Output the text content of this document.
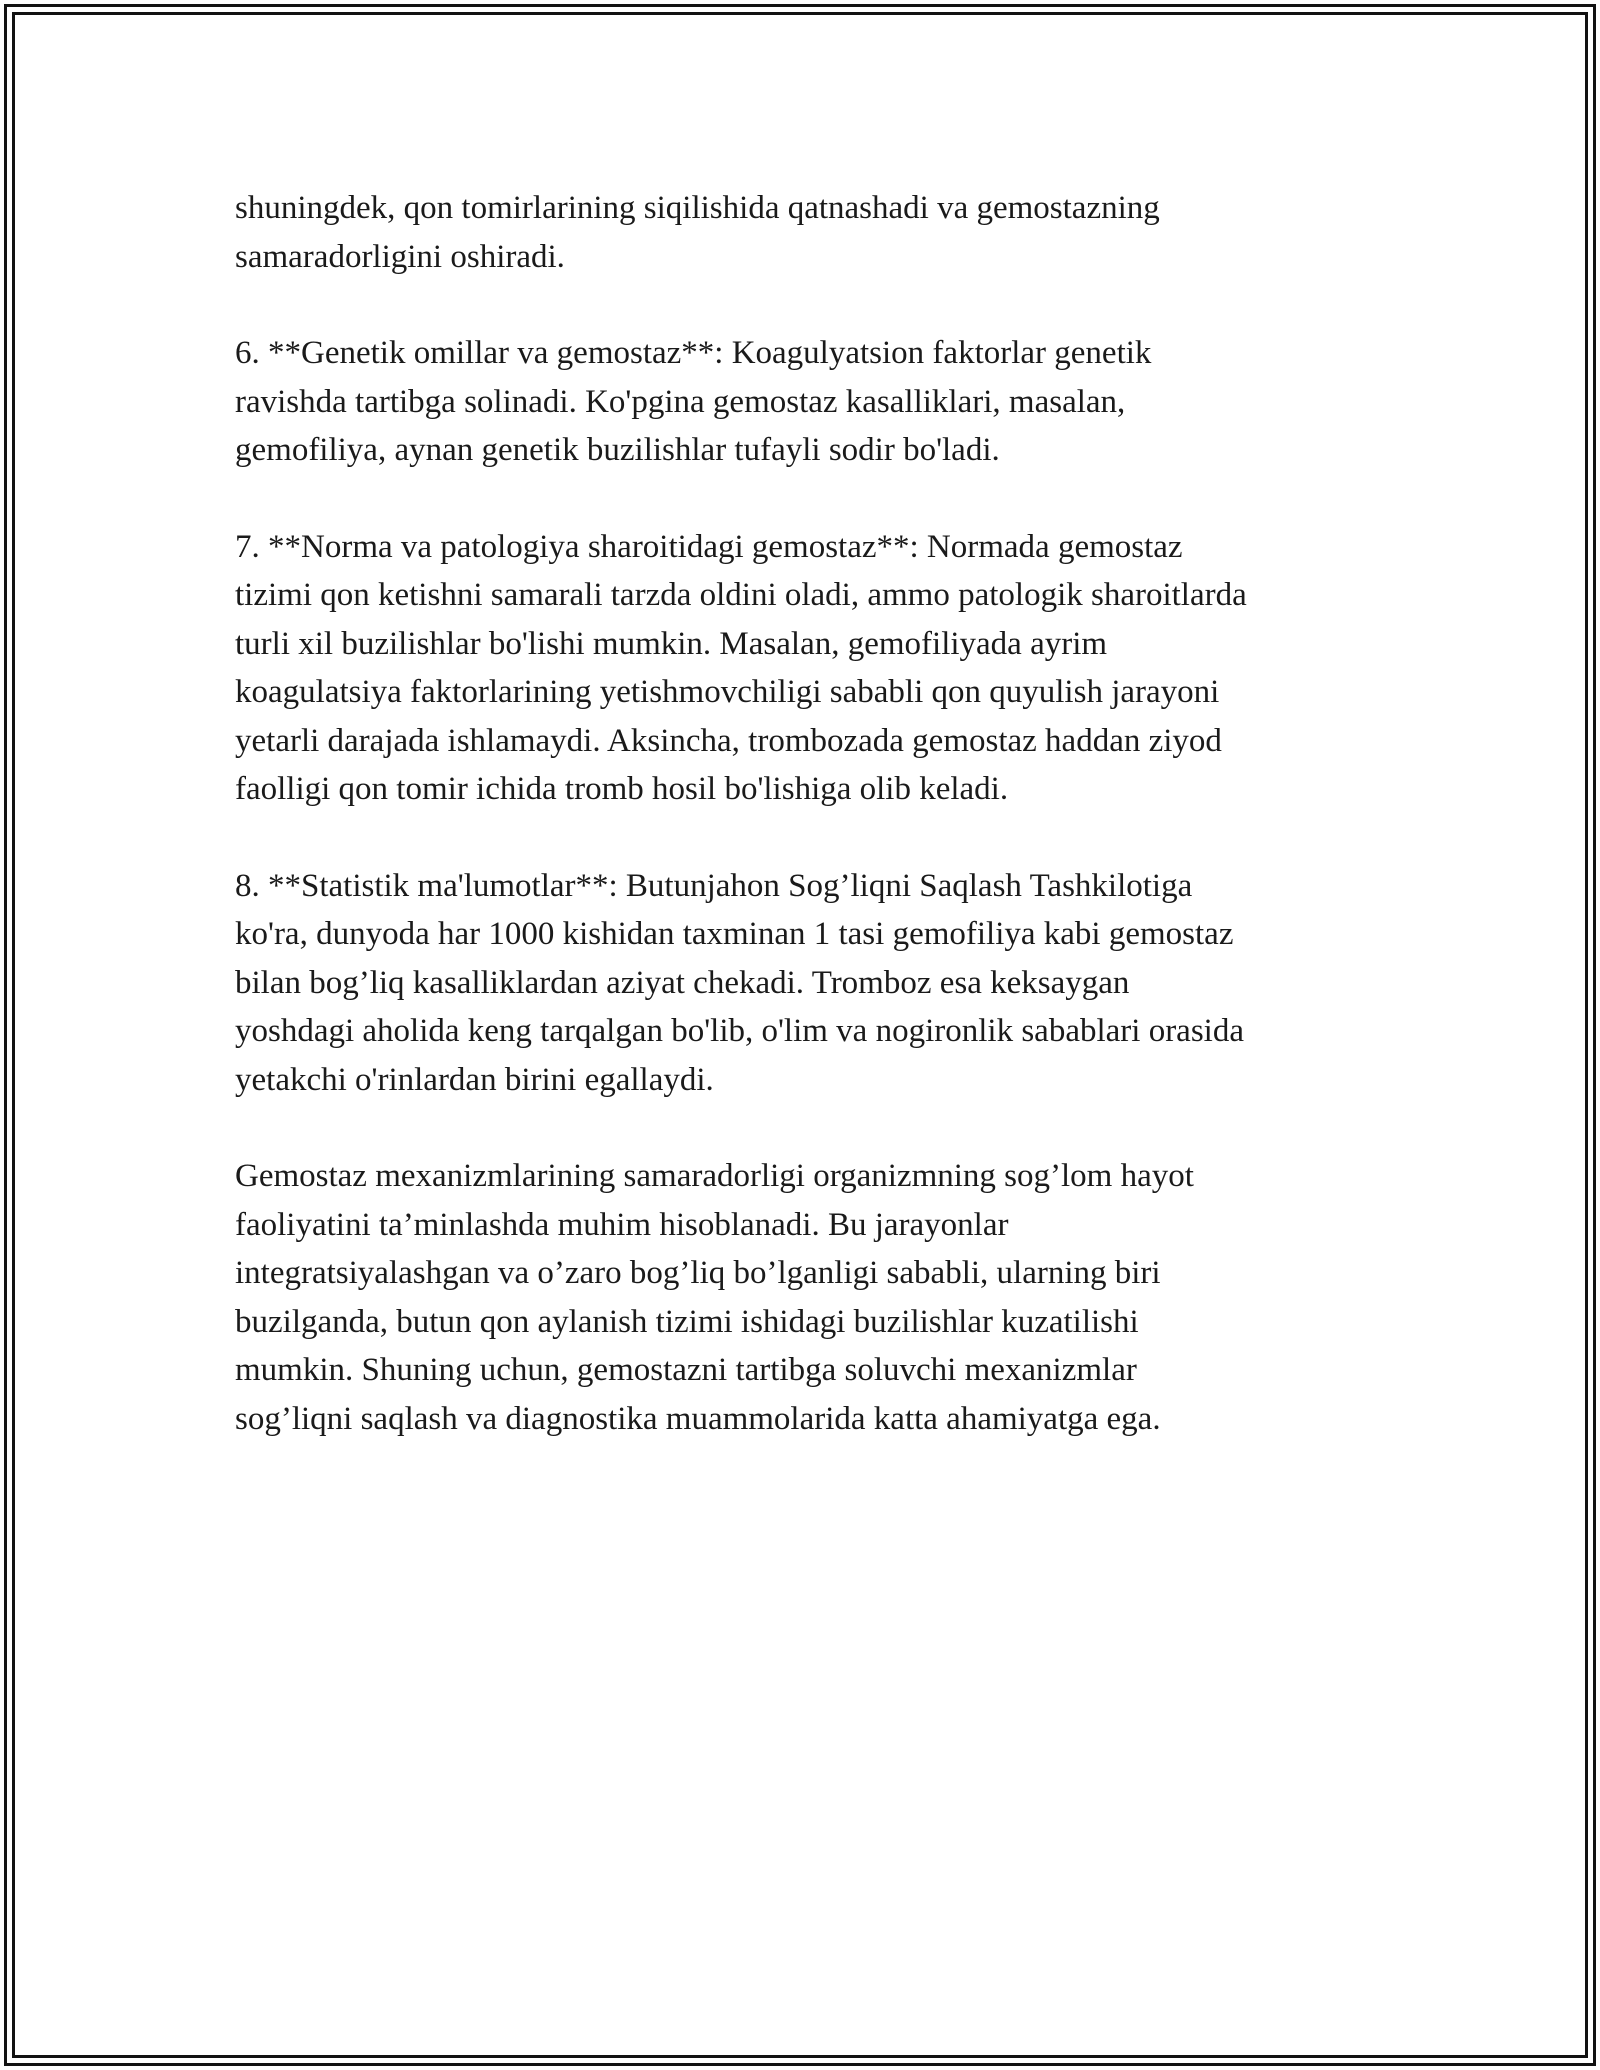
shuningdek, qon tomirlarining siqilishida qatnashadi va gemostazning
samaradorligini oshiradi.

6. **Genetik omillar va gemostaz**: Koagulyatsion faktorlar genetik
ravishda tartibga solinadi. Ko'pgina gemostaz kasalliklari, masalan,
gemofiliya, aynan genetik buzilishlar tufayli sodir bo'ladi.

7. **Norma va patologiya sharoitidagi gemostaz**: Normada gemostaz
tizimi qon ketishni samarali tarzda oldini oladi, ammo patologik sharoitlarda
turli xil buzilishlar bo'lishi mumkin. Masalan, gemofiliyada ayrim
koagulatsiya faktorlarining yetishmovchiligi sababli qon quyulish jarayoni
yetarli darajada ishlamaydi. Aksincha, trombozada gemostaz haddan ziyod
faolligi qon tomir ichida tromb hosil bo'lishiga olib keladi.

8. **Statistik ma'lumotlar**: Butunjahon Sog’liqni Saqlash Tashkilotiga
ko'ra, dunyoda har 1000 kishidan taxminan 1 tasi gemofiliya kabi gemostaz
bilan bog’liq kasalliklardan aziyat chekadi. Tromboz esa keksaygan
yoshdagi aholida keng tarqalgan bo'lib, o'lim va nogironlik sabablari orasida
yetakchi o'rinlardan birini egallaydi.

Gemostaz mexanizmlarining samaradorligi organizmning sog’lom hayot
faoliyatini ta’minlashda muhim hisoblanadi. Bu jarayonlar
integratsiyalashgan va o’zaro bog’liq bo’lganligi sababli, ularning biri
buzilganda, butun qon aylanish tizimi ishidagi buzilishlar kuzatilishi
mumkin. Shuning uchun, gemostazni tartibga soluvchi mexanizmlar
sog’liqni saqlash va diagnostika muammolarida katta ahamiyatga ega.
